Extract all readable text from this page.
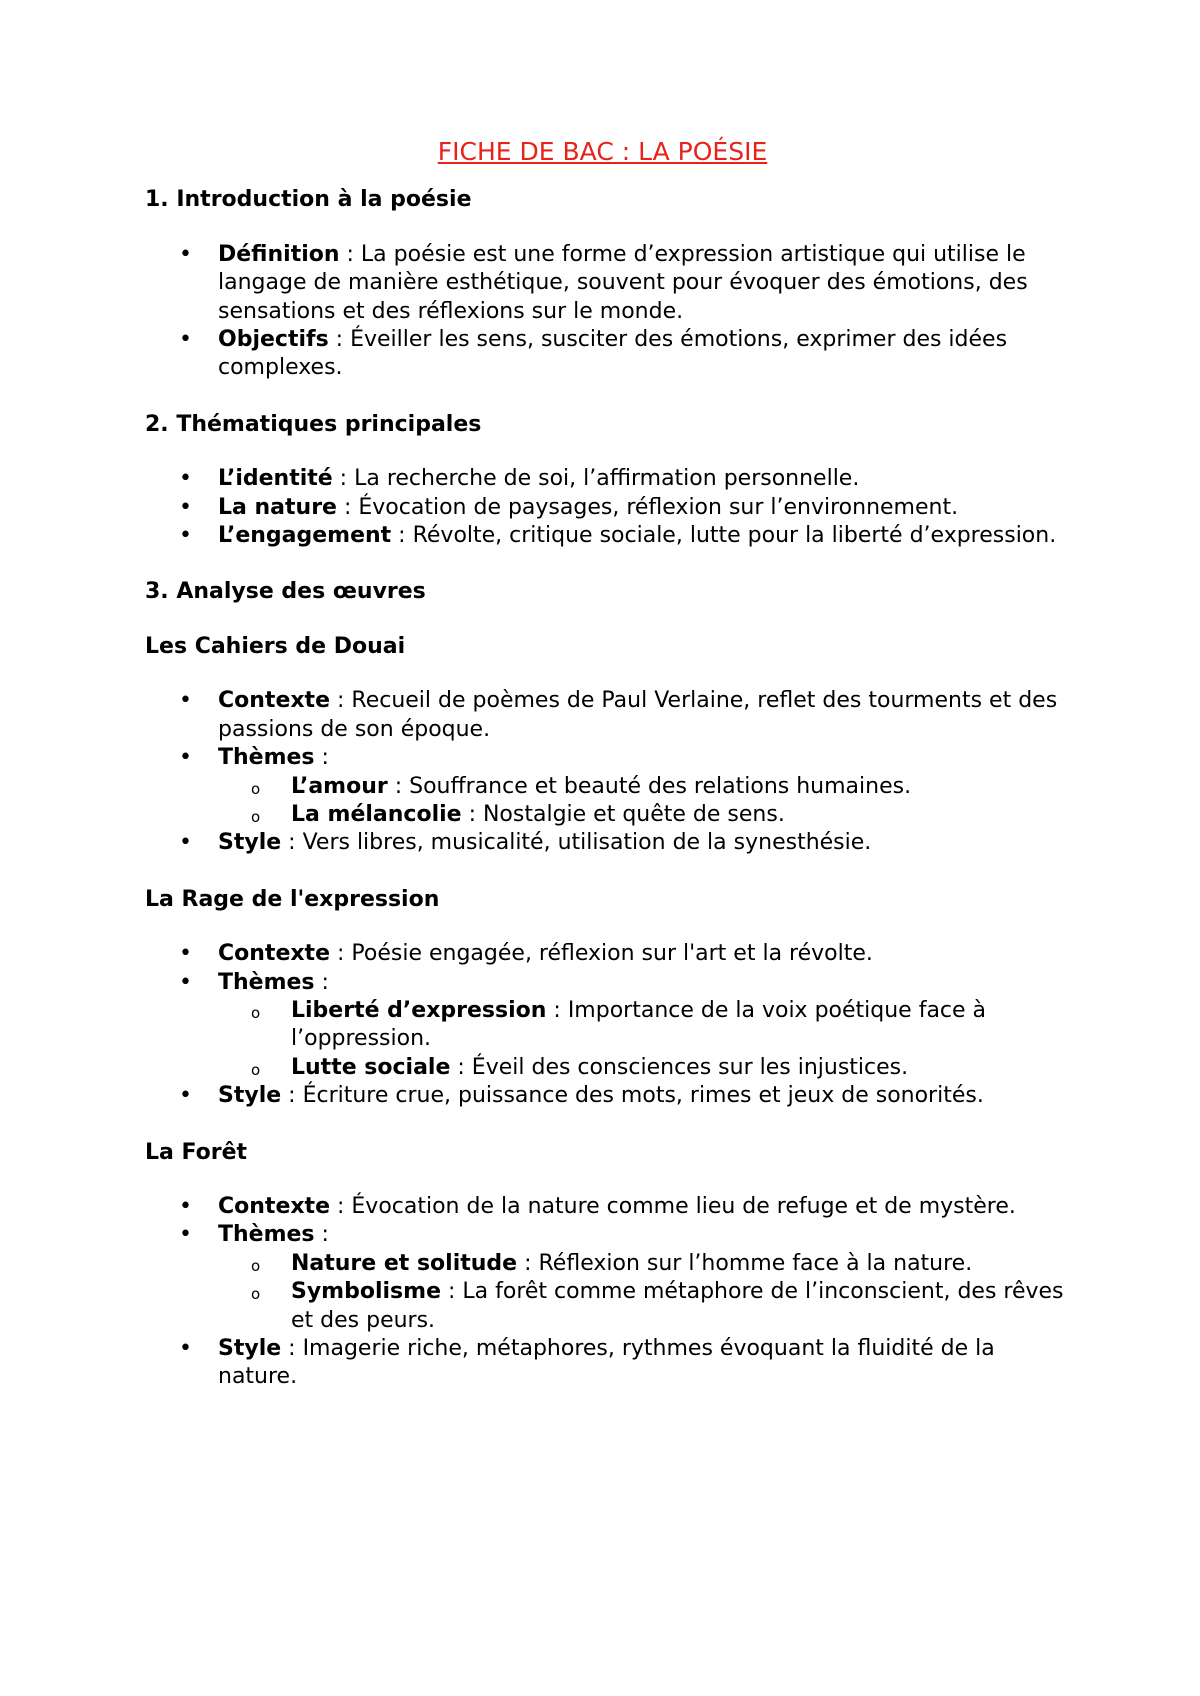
FICHE DE BAC : LA POÉSIE

1. Introduction à la poésie

• Définition : La poésie est une forme d’expression artistique qui utilise le langage de manière esthétique, souvent pour évoquer des émotions, des sensations et des réflexions sur le monde.
• Objectifs : Éveiller les sens, susciter des émotions, exprimer des idées complexes.

2. Thématiques principales

• L’identité : La recherche de soi, l’affirmation personnelle.
• La nature : Évocation de paysages, réflexion sur l’environnement.
• L’engagement : Révolte, critique sociale, lutte pour la liberté d’expression.

3. Analyse des œuvres

Les Cahiers de Douai

• Contexte : Recueil de poèmes de Paul Verlaine, reflet des tourments et des passions de son époque.
• Thèmes :
o L’amour : Souffrance et beauté des relations humaines.
o La mélancolie : Nostalgie et quête de sens.
• Style : Vers libres, musicalité, utilisation de la synesthésie.

La Rage de l'expression

• Contexte : Poésie engagée, réflexion sur l'art et la révolte.
• Thèmes :
o Liberté d’expression : Importance de la voix poétique face à l’oppression.
o Lutte sociale : Éveil des consciences sur les injustices.
• Style : Écriture crue, puissance des mots, rimes et jeux de sonorités.

La Forêt

• Contexte : Évocation de la nature comme lieu de refuge et de mystère.
• Thèmes :
o Nature et solitude : Réflexion sur l’homme face à la nature.
o Symbolisme : La forêt comme métaphore de l’inconscient, des rêves et des peurs.
• Style : Imagerie riche, métaphores, rythmes évoquant la fluidité de la nature.
